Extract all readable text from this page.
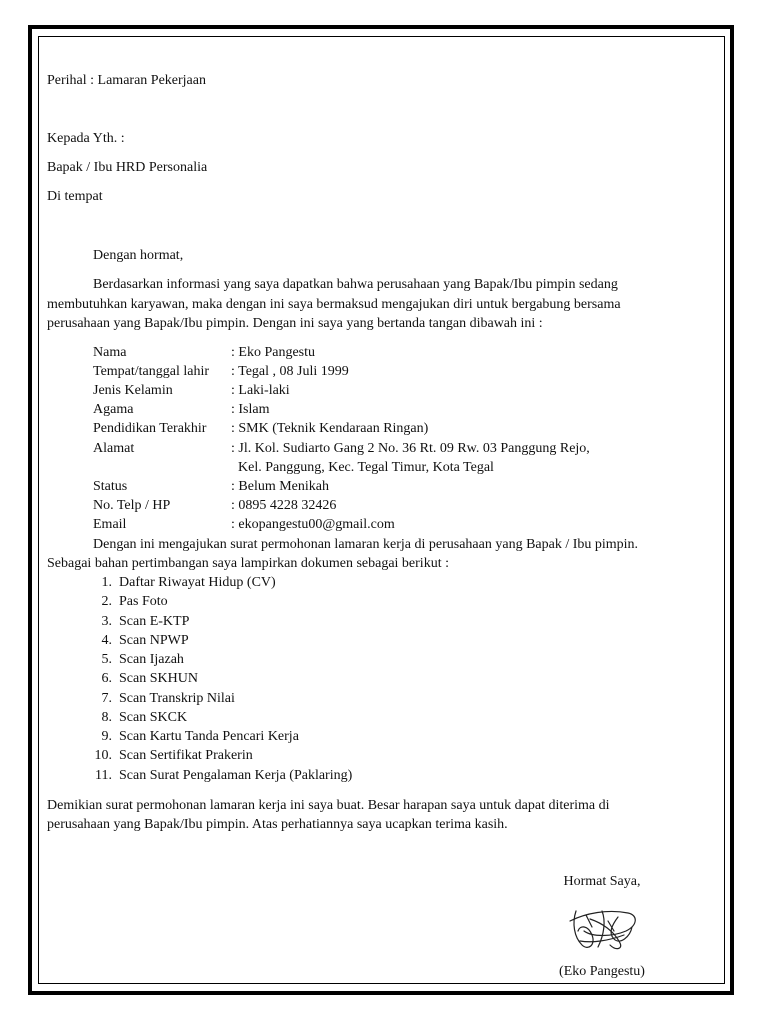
Perihal : Lamaran Pekerjaan
Kepada Yth. :
Bapak / Ibu HRD Personalia
Di tempat
Dengan hormat,
Berdasarkan informasi yang saya dapatkan bahwa perusahaan yang Bapak/Ibu pimpin sedang
membutuhkan karyawan, maka dengan ini saya bermaksud mengajukan diri untuk bergabung bersama
perusahaan yang Bapak/Ibu pimpin. Dengan ini saya yang bertanda tangan dibawah ini :
Nama	: Eko Pangestu
Tempat/tanggal lahir : Tegal , 08 Juli 1999
Jenis Kelamin	: Laki-laki
Agama	: Islam
Pendidikan Terakhir : SMK (Teknik Kendaraan Ringan)
Alamat	: Jl. Kol. Sudiarto Gang 2 No. 36 Rt. 09 Rw. 03 Panggung Rejo,
Kel. Panggung, Kec. Tegal Timur, Kota Tegal
Status	: Belum Menikah
No. Telp / HP	: 0895 4228 32426
Email	: ekopangestu00@gmail.com
Dengan ini mengajukan surat permohonan lamaran kerja di perusahaan yang Bapak / Ibu pimpin.
Sebagai bahan pertimbangan saya lampirkan dokumen sebagai berikut :
1. Daftar Riwayat Hidup (CV)
2. Pas Foto
3. Scan E-KTP
4. Scan NPWP
5. Scan Ijazah
6. Scan SKHUN
7. Scan Transkrip Nilai
8. Scan SKCK
9. Scan Kartu Tanda Pencari Kerja
10. Scan Sertifikat Prakerin
11. Scan Surat Pengalaman Kerja (Paklaring)
Demikian surat permohonan lamaran kerja ini saya buat. Besar harapan saya untuk dapat diterima di
perusahaan yang Bapak/Ibu pimpin. Atas perhatiannya saya ucapkan terima kasih.
Hormat Saya,
(Eko Pangestu)
